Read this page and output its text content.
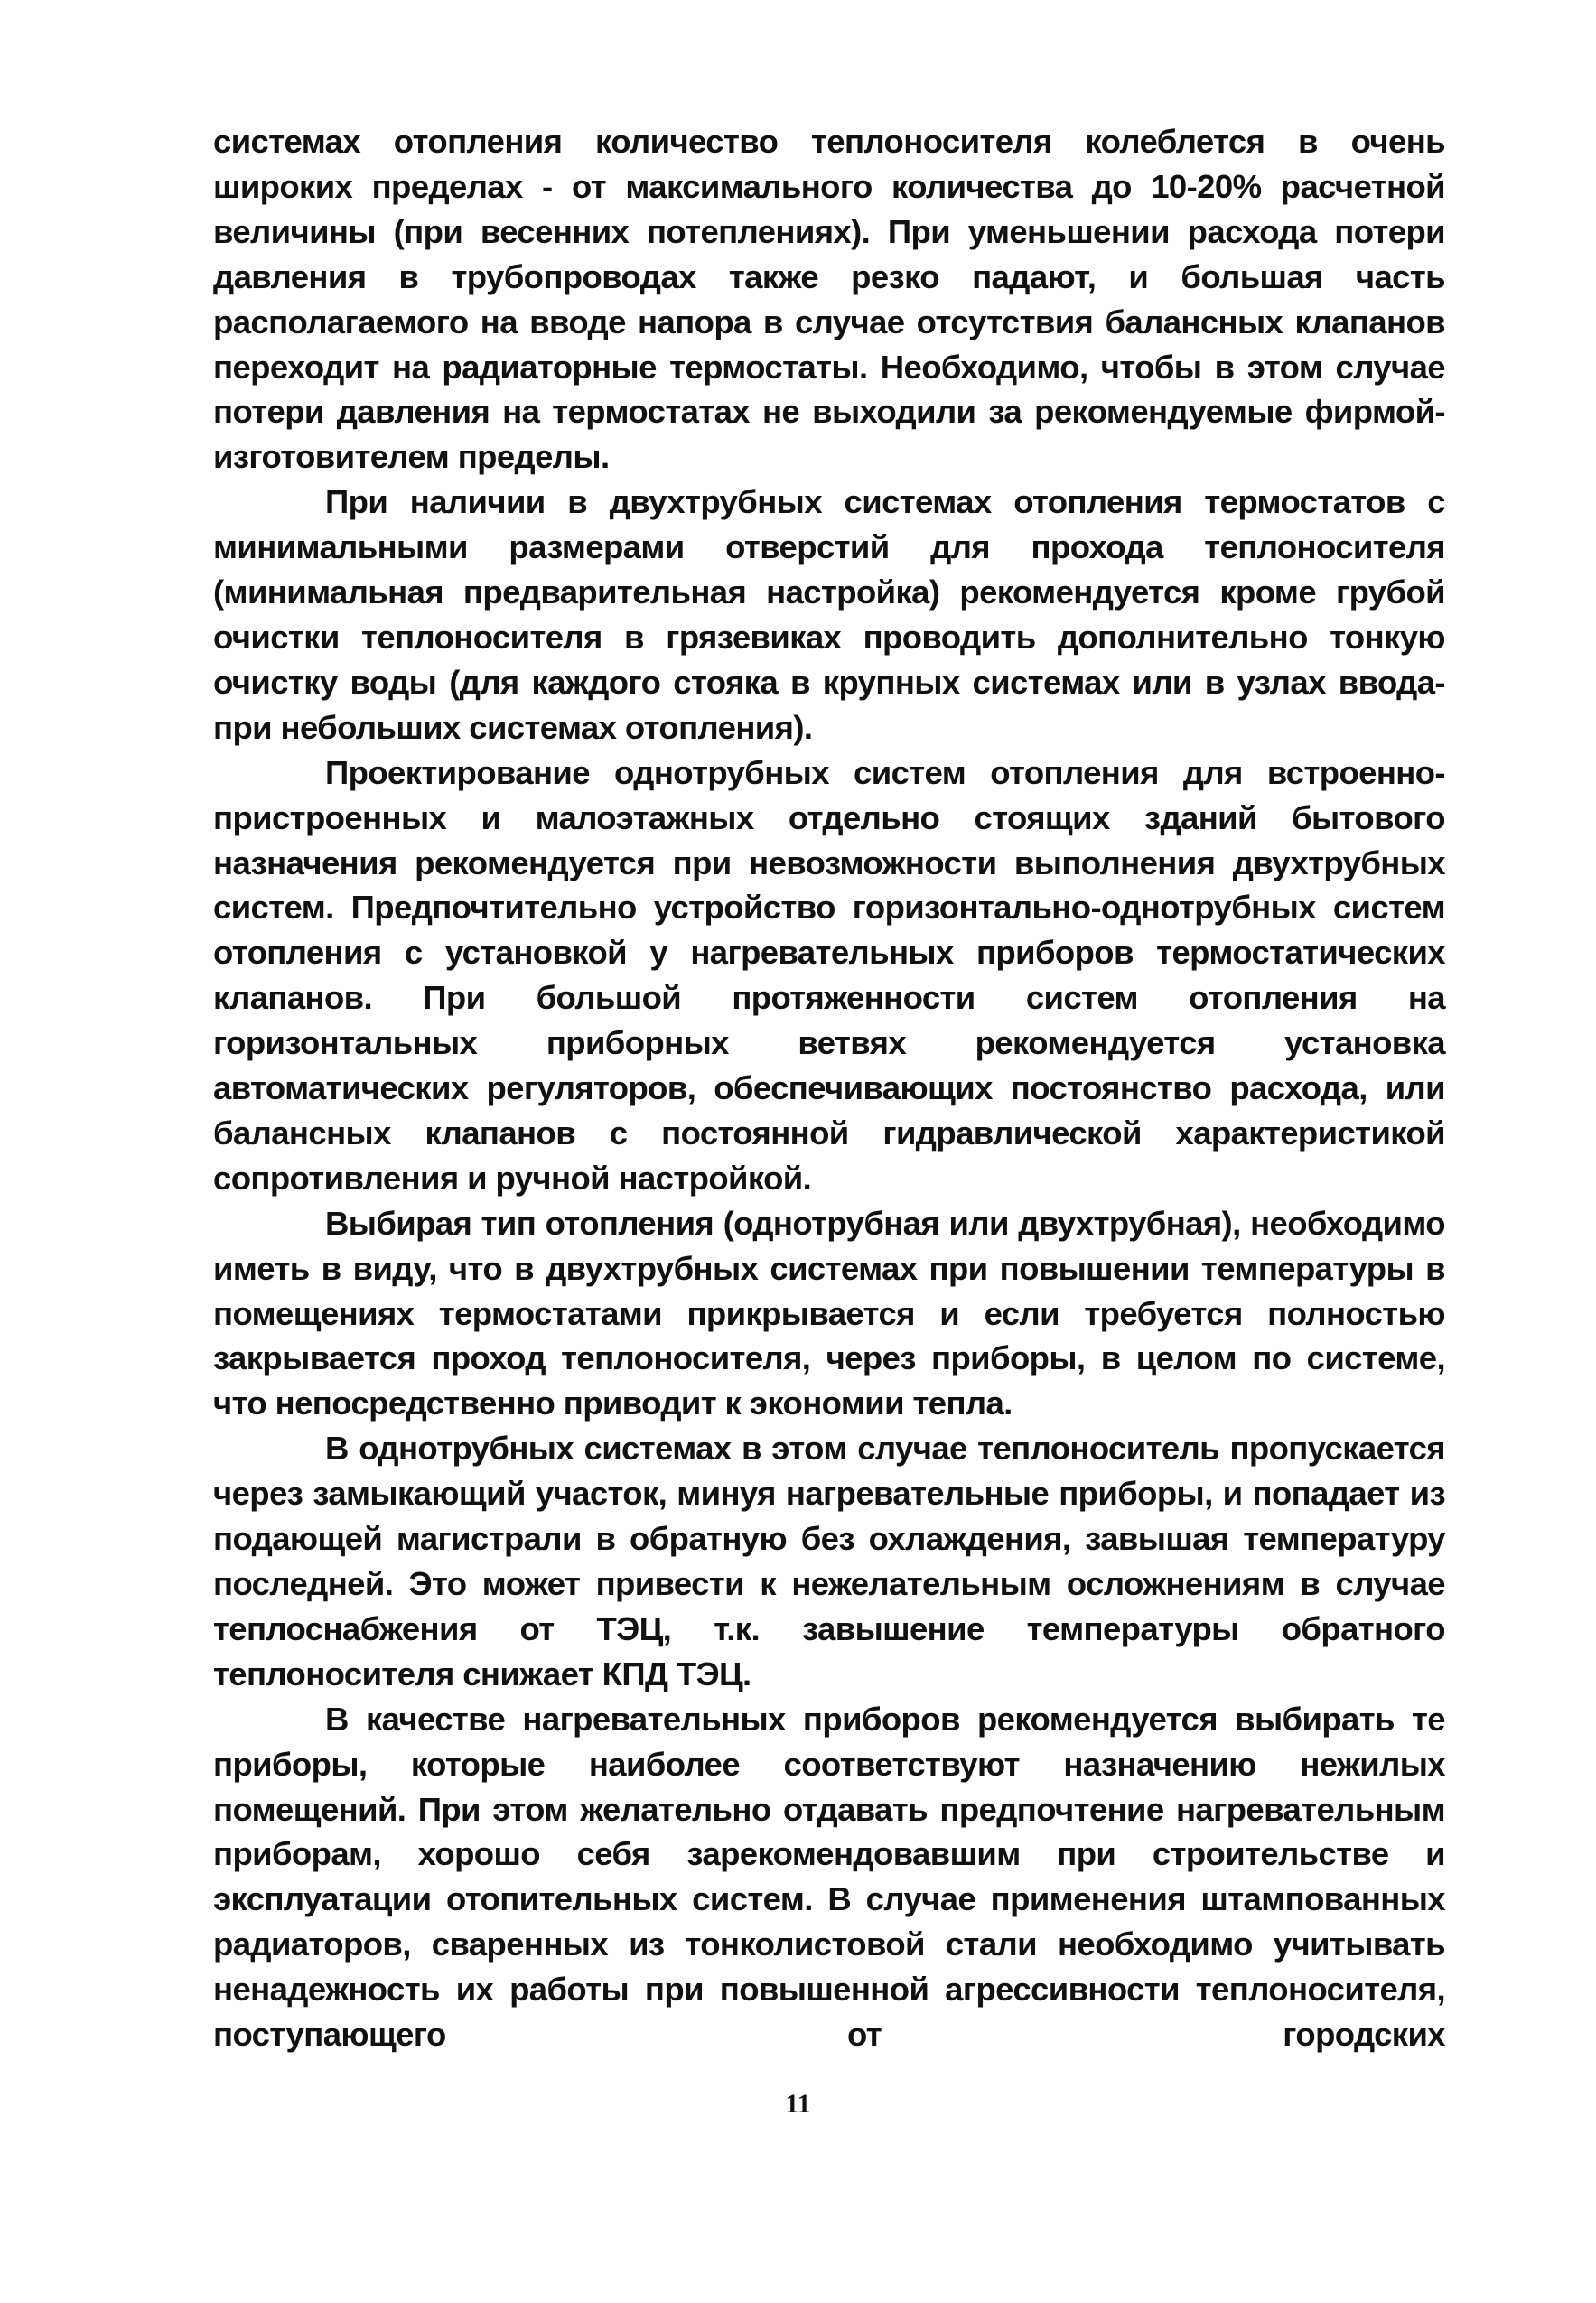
системах отопления количество теплоносителя колеблется в очень широких пределах - от максимального количества до 10-20% расчетной величины (при весенних потеплениях). При уменьшении расхода потери давления в трубопроводах также резко падают, и большая часть располагаемого на вводе напора в случае отсутствия балансных клапанов переходит на радиаторные термостаты. Необходимо, чтобы в этом случае потери давления на термостатах не выходили за рекомендуемые фирмой-изготовителем пределы.

При наличии в двухтрубных системах отопления термостатов с минимальными размерами отверстий для прохода теплоносителя (минимальная предварительная настройка) рекомендуется кроме грубой очистки теплоносителя в грязевиках проводить дополнительно тонкую очистку воды (для каждого стояка в крупных системах или в узлах ввода- при небольших системах отопления).

Проектирование однотрубных систем отопления для встроенно-пристроенных и малоэтажных отдельно стоящих зданий бытового назначения рекомендуется при невозможности выполнения двухтрубных систем. Предпочтительно устройство горизонтально-однотрубных систем отопления с установкой у нагревательных приборов термостатических клапанов. При большой протяженности систем отопления на горизонтальных приборных ветвях рекомендуется установка автоматических регуляторов, обеспечивающих постоянство расхода, или балансных клапанов с постоянной гидравлической характеристикой сопротивления и ручной настройкой.

Выбирая тип отопления (однотрубная или двухтрубная), необходимо иметь в виду, что в двухтрубных системах при повышении температуры в помещениях термостатами прикрывается и если требуется полностью закрывается проход теплоносителя, через приборы, в целом по системе, что непосредственно приводит к экономии тепла.

В однотрубных системах в этом случае теплоноситель пропускается через замыкающий участок, минуя нагревательные приборы, и попадает из подающей магистрали в обратную без охлаждения, завышая температуру последней. Это может привести к нежелательным осложнениям в случае теплоснабжения от ТЭЦ, т.к. завышение температуры обратного теплоносителя снижает КПД ТЭЦ.

В качестве нагревательных приборов рекомендуется выбирать те приборы, которые наиболее соответствуют назначению нежилых помещений. При этом желательно отдавать предпочтение нагревательным приборам, хорошо себя зарекомендовавшим при строительстве и эксплуатации отопительных систем. В случае применения штампованных радиаторов, сваренных из тонколистовой стали необходимо учитывать ненадежность их работы при повышенной агрессивности теплоносителя, поступающего от городских

11
